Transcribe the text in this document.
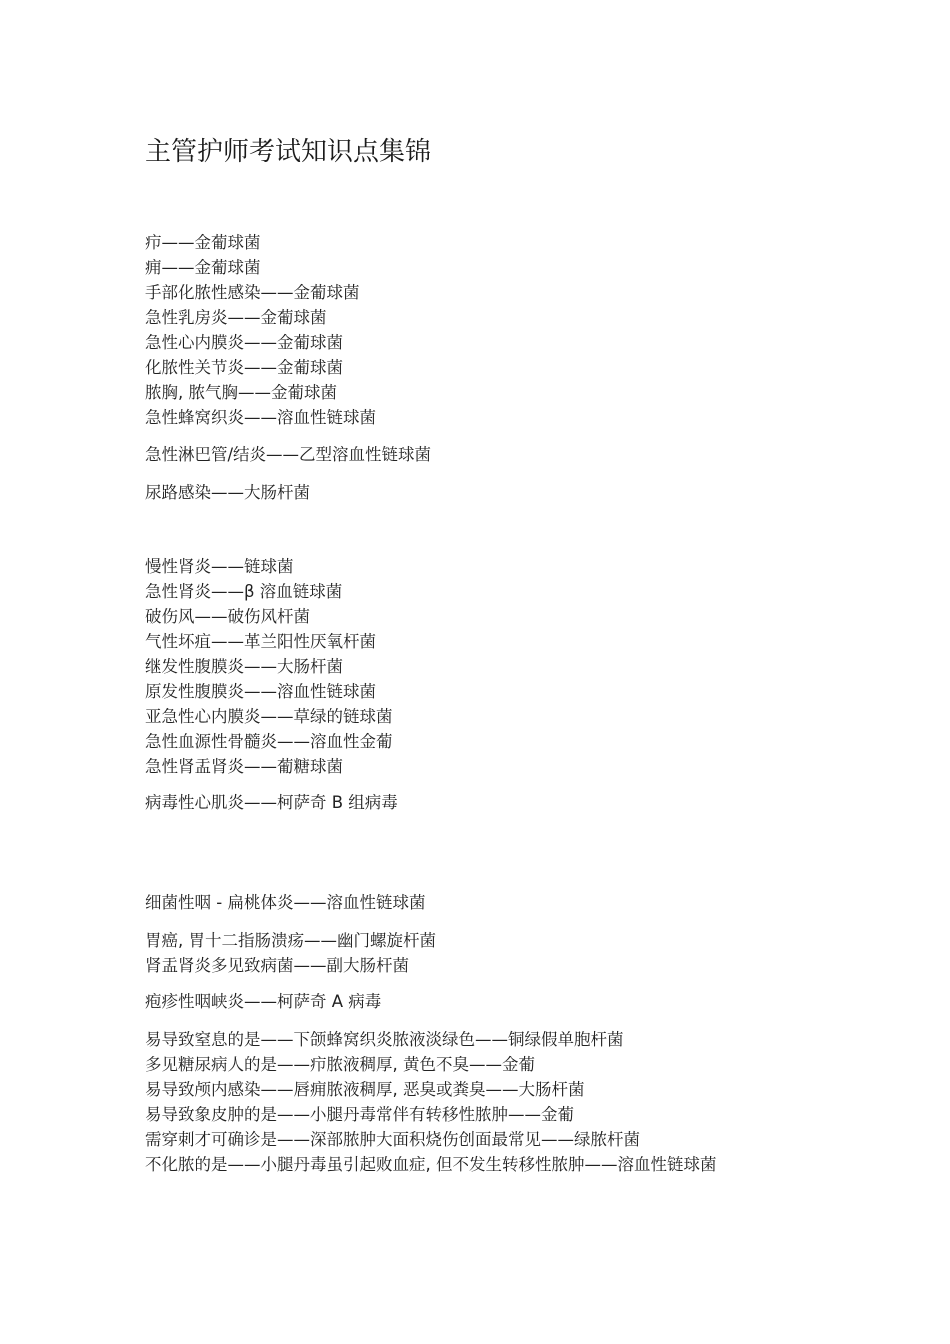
主管护师考试知识点集锦
疖——金葡球菌
痈——金葡球菌
手部化脓性感染——金葡球菌
急性乳房炎——金葡球菌
急性心内膜炎——金葡球菌
化脓性关节炎——金葡球菌
脓胸, 脓气胸——金葡球菌
急性蜂窝织炎——溶血性链球菌
急性淋巴管/结炎——乙型溶血性链球菌
尿路感染——大肠杆菌
慢性肾炎——链球菌
急性肾炎——β 溶血链球菌
破伤风——破伤风杆菌
气性坏疽——革兰阳性厌氧杆菌
继发性腹膜炎——大肠杆菌
原发性腹膜炎——溶血性链球菌
亚急性心内膜炎——草绿的链球菌
急性血源性骨髓炎——溶血性金葡
急性肾盂肾炎——葡糖球菌
病毒性心肌炎——柯萨奇 B 组病毒
细菌性咽 - 扁桃体炎——溶血性链球菌
胃癌, 胃十二指肠溃疡——幽门螺旋杆菌
肾盂肾炎多见致病菌——副大肠杆菌
疱疹性咽峡炎——柯萨奇 A 病毒
易导致窒息的是——下颌蜂窝织炎脓液淡绿色——铜绿假单胞杆菌
多见糖尿病人的是——疖脓液稠厚, 黄色不臭——金葡
易导致颅内感染——唇痈脓液稠厚, 恶臭或粪臭——大肠杆菌
易导致象皮肿的是——小腿丹毒常伴有转移性脓肿——金葡
需穿刺才可确诊是——深部脓肿大面积烧伤创面最常见——绿脓杆菌
不化脓的是——小腿丹毒虽引起败血症, 但不发生转移性脓肿——溶血性链球菌
